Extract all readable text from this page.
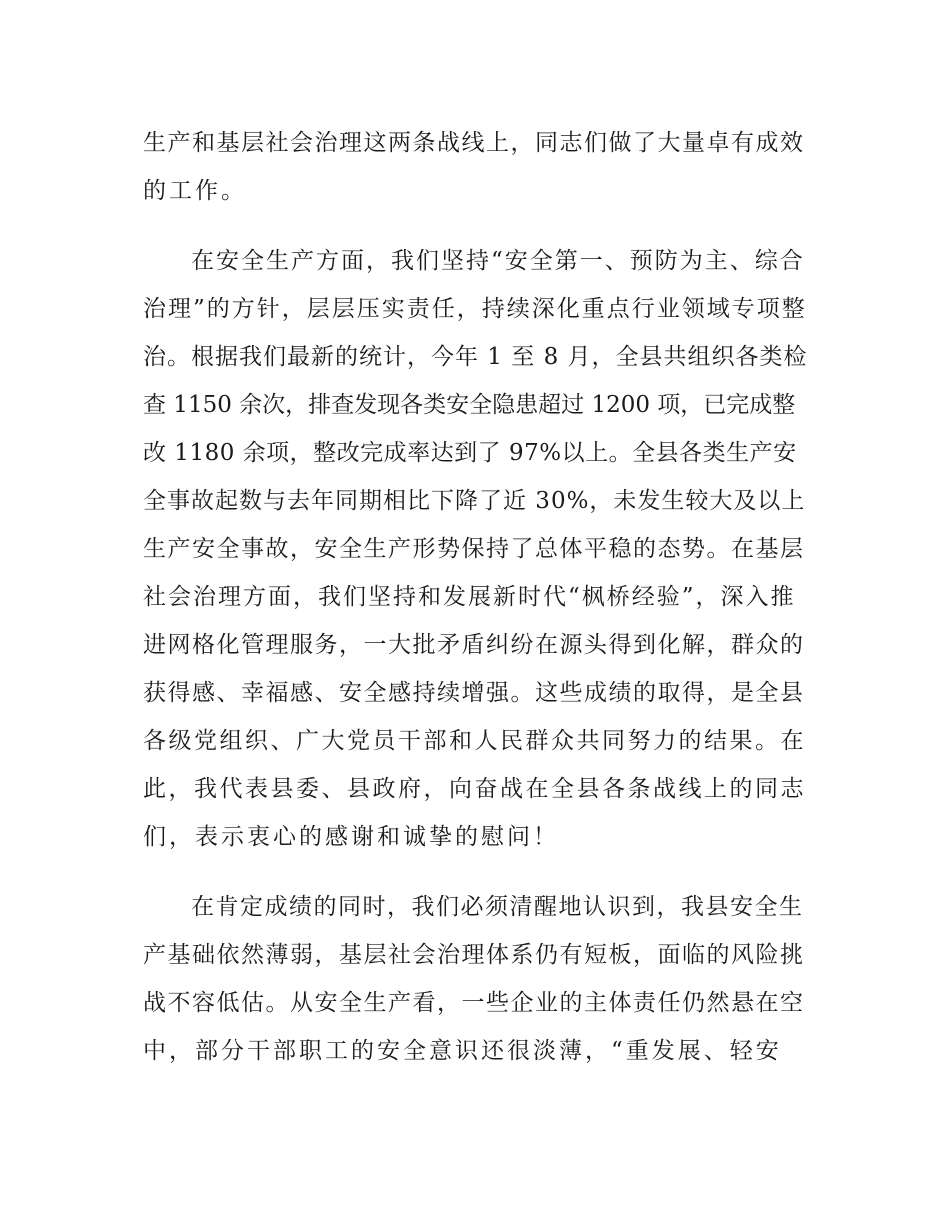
生产和基层社会治理这两条战线上，同志们做了大量卓有成效
的工作。
在安全生产方面，我们坚持“安全第一、预防为主、综合
治理”的方针，层层压实责任，持续深化重点行业领域专项整
治。根据我们最新的统计，今年 1 至 8 月，全县共组织各类检
查 1150 余次，排查发现各类安全隐患超过 1200 项，已完成整
改 1180 余项，整改完成率达到了 97%以上。全县各类生产安
全事故起数与去年同期相比下降了近 30%，未发生较大及以上
生产安全事故，安全生产形势保持了总体平稳的态势。在基层
社会治理方面，我们坚持和发展新时代“枫桥经验”，深入推
进网格化管理服务，一大批矛盾纠纷在源头得到化解，群众的
获得感、幸福感、安全感持续增强。这些成绩的取得，是全县
各级党组织、广大党员干部和人民群众共同努力的结果。在
此，我代表县委、县政府，向奋战在全县各条战线上的同志
们，表示衷心的感谢和诚挚的慰问！
在肯定成绩的同时，我们必须清醒地认识到，我县安全生
产基础依然薄弱，基层社会治理体系仍有短板，面临的风险挑
战不容低估。从安全生产看，一些企业的主体责任仍然悬在空
中，部分干部职工的安全意识还很淡薄，“重发展、轻安
